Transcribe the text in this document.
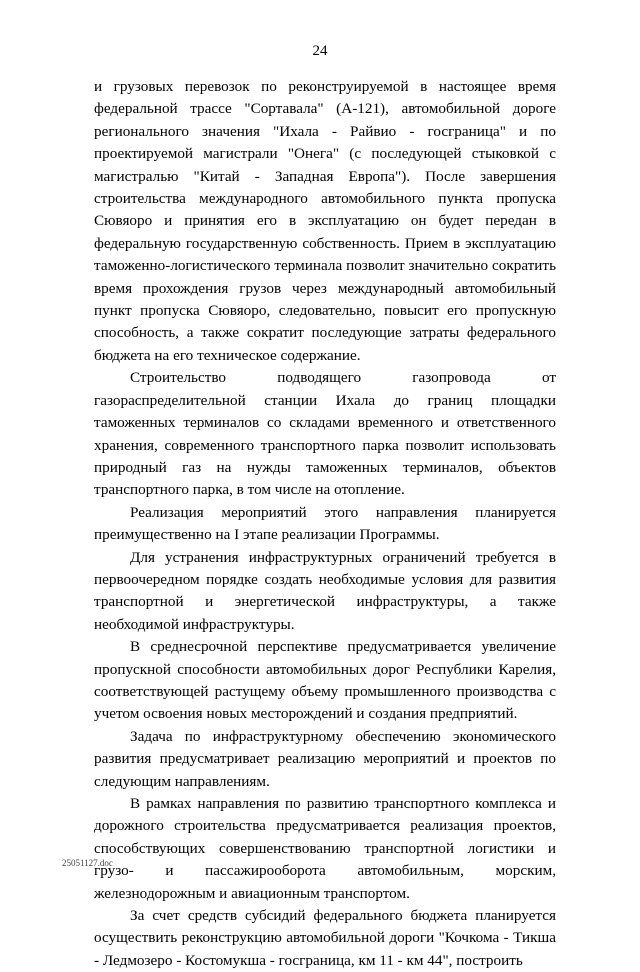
24

и грузовых перевозок по реконструируемой в настоящее время федеральной трассе "Сортавала" (А-121), автомобильной дороге регионального значения "Ихала - Райвио - госграница" и по проектируемой магистрали "Онега" (с последующей стыковкой с магистралью "Китай - Западная Европа"). После завершения строительства международного автомобильного пункта пропуска Сювяоро и принятия его в эксплуатацию он будет передан в федеральную государственную собственность. Прием в эксплуатацию таможенно-логистического терминала позволит значительно сократить время прохождения грузов через международный автомобильный пункт пропуска Сювяоро, следовательно, повысит его пропускную способность, а также сократит последующие затраты федерального бюджета на его техническое содержание.

Строительство подводящего газопровода от газораспределительной станции Ихала до границ площадки таможенных терминалов со складами временного и ответственного хранения, современного транспортного парка позволит использовать природный газ на нужды таможенных терминалов, объектов транспортного парка, в том числе на отопление.

Реализация мероприятий этого направления планируется преимущественно на I этапе реализации Программы.

Для устранения инфраструктурных ограничений требуется в первоочередном порядке создать необходимые условия для развития транспортной и энергетической инфраструктуры, а также необходимой инфраструктуры.

В среднесрочной перспективе предусматривается увеличение пропускной способности автомобильных дорог Республики Карелия, соответствующей растущему объему промышленного производства с учетом освоения новых месторождений и создания предприятий.

Задача по инфраструктурному обеспечению экономического развития предусматривает реализацию мероприятий и проектов по следующим направлениям.

В рамках направления по развитию транспортного комплекса и дорожного строительства предусматривается реализация проектов, способствующих совершенствованию транспортной логистики и грузо- и пассажирооборота автомобильным, морским, железнодорожным и авиационным транспортом.

За счет средств субсидий федерального бюджета планируется осуществить реконструкцию автомобильной дороги "Кочкома - Тикша - Ледмозеро - Костомукша - госграница, км 11 - км 44", построить

25051127.doc
